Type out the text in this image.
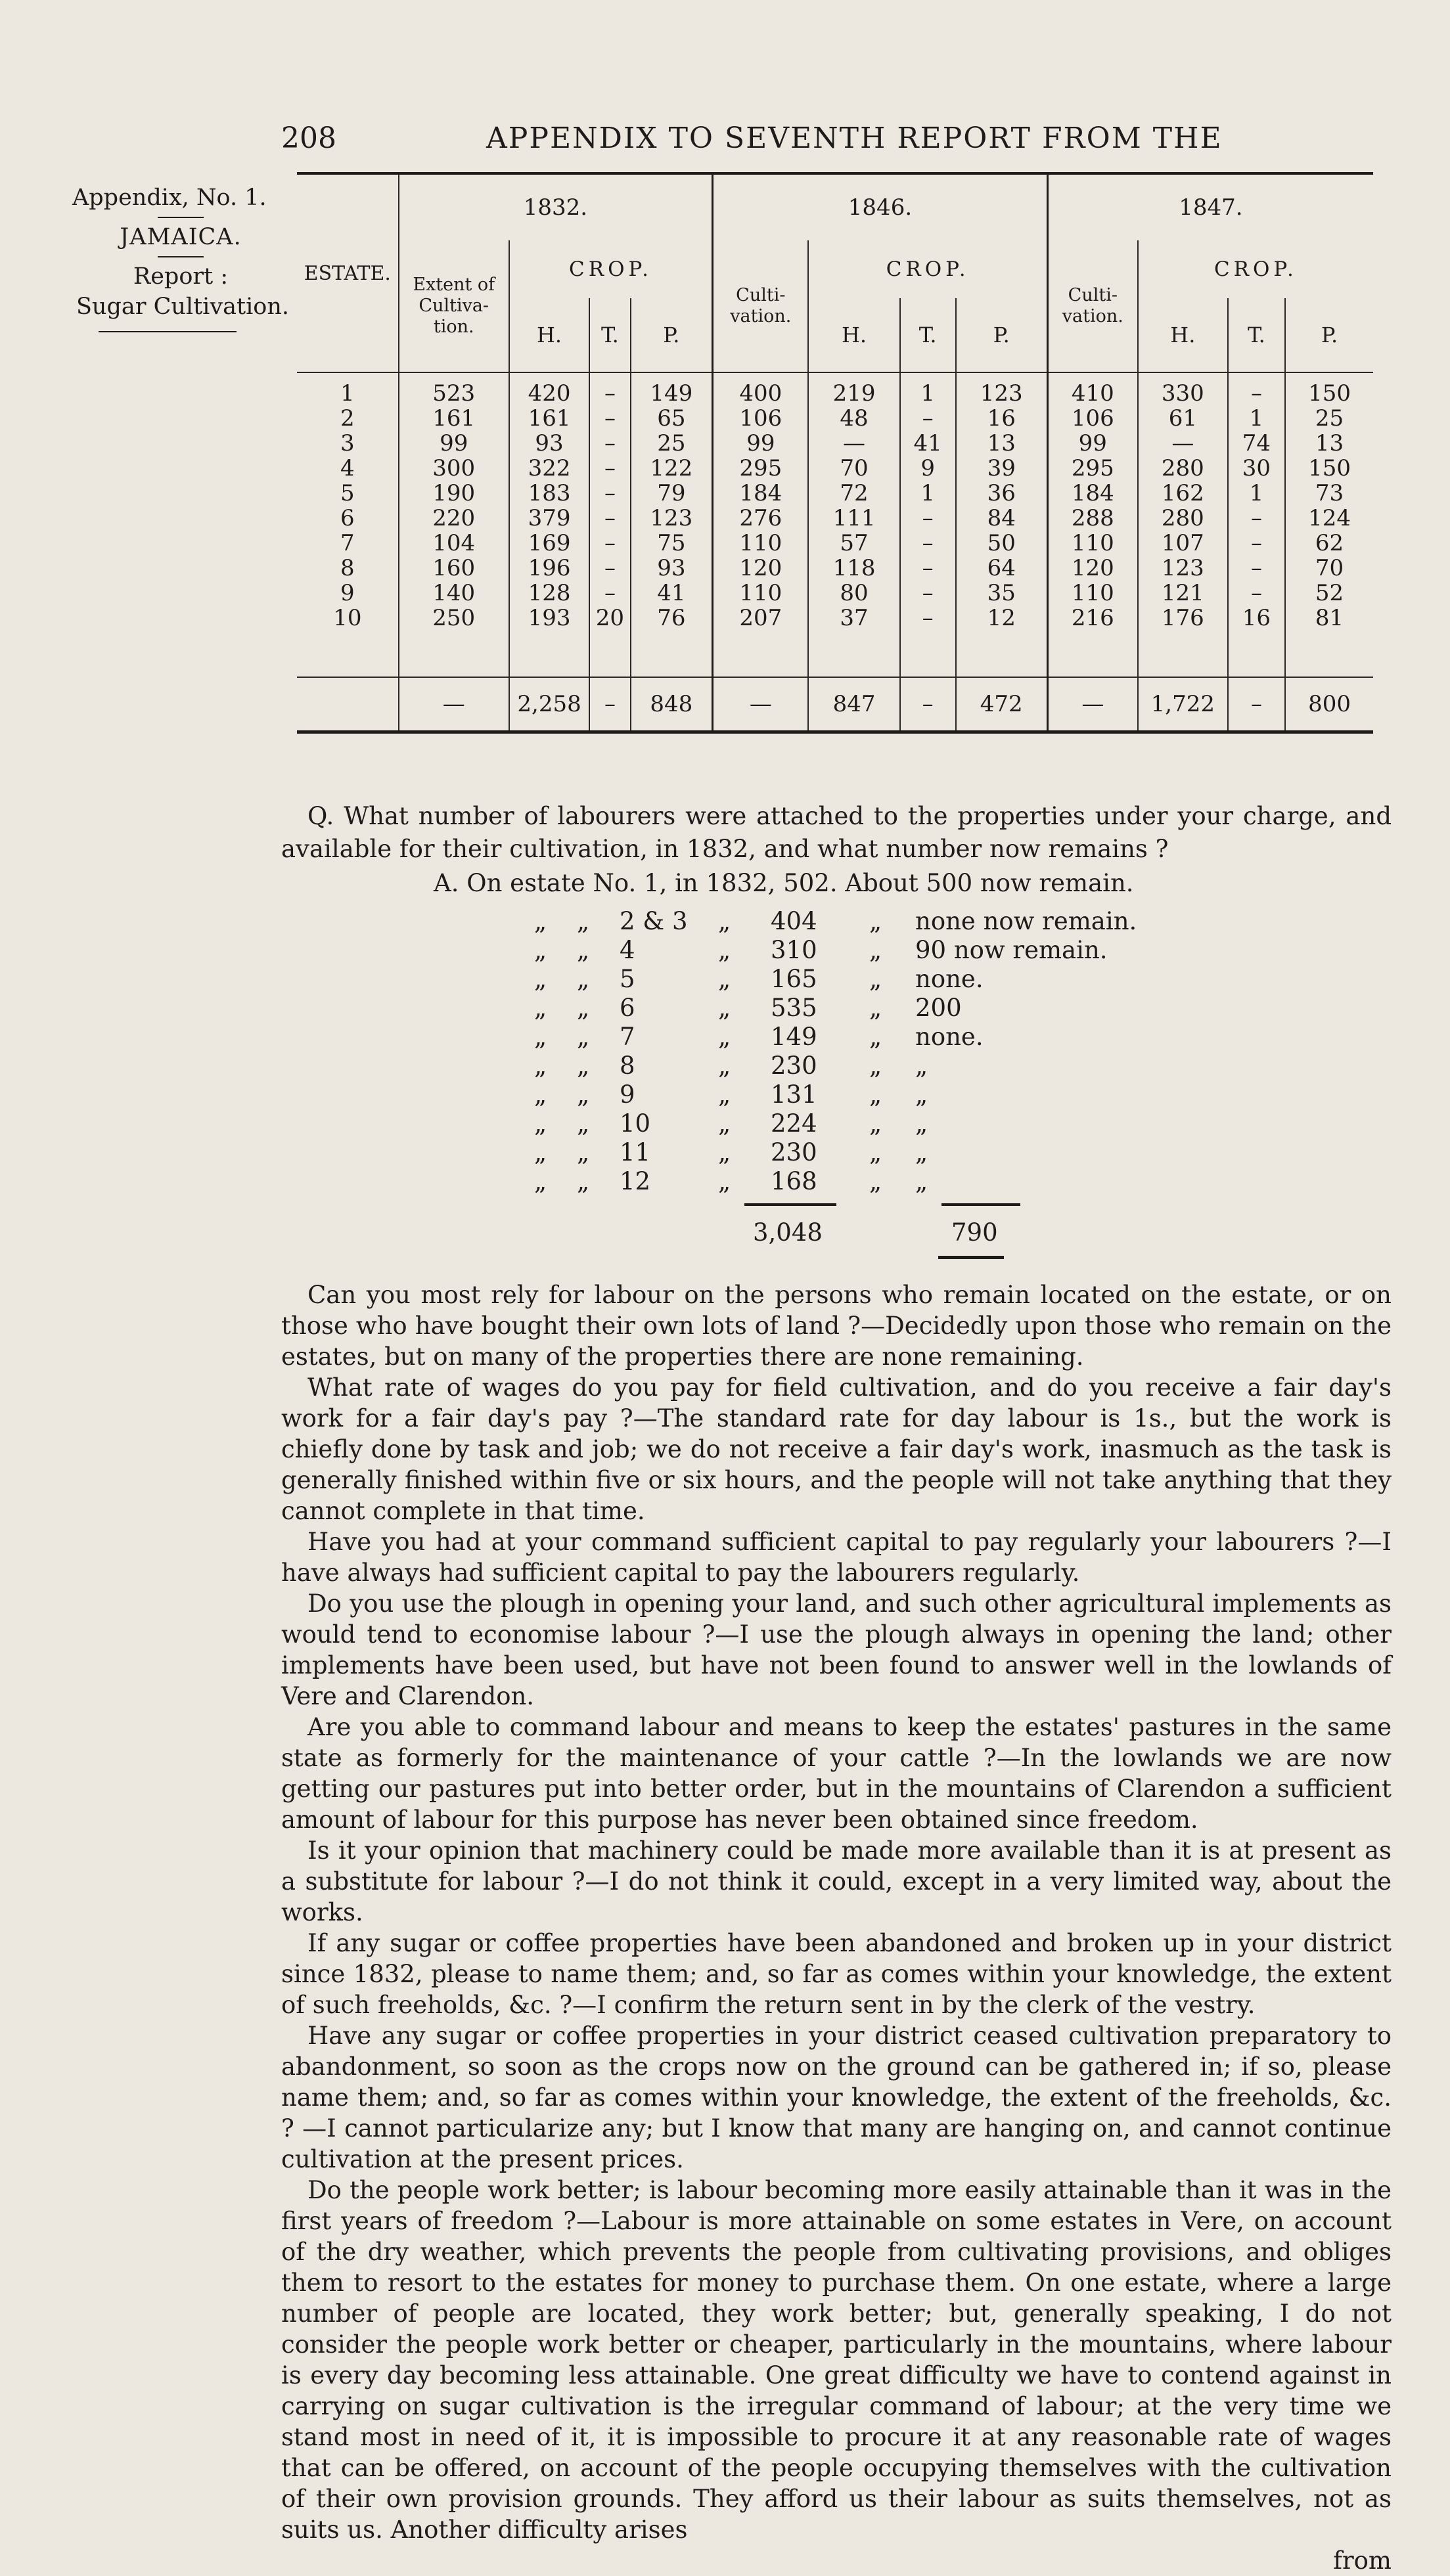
208	APPENDIX TO SEVENTH REPORT FROM THE
Appendix, No. 1.
JAMAICA.
Report :
Sugar Cultivation.
ESTATE.	1832.				1846.				1847.			
	Extent of Cultiva- tion.	CROP.			Culti- vation.	CROP.			Culti- vation.	CROP.		
		H.	T.	P.		H.	T.	P.		H.	T.	P.
1	523	420	–	149	400	219	1	123	410	330	–	150
2	161	161	–	65	106	48	–	16	106	61	1	25
3	99	93	–	25	99	—	41	13	99	—	74	13
4	300	322	–	122	295	70	9	39	295	280	30	150
5	190	183	–	79	184	72	1	36	184	162	1	73
6	220	379	–	123	276	111	–	84	288	280	–	124
7	104	169	–	75	110	57	–	50	110	107	–	62
8	160	196	–	93	120	118	–	64	120	123	–	70
9	140	128	–	41	110	80	–	35	110	121	–	52
10	250	193	20	76	207	37	–	12	216	176	16	81

	—	2,258	–	848	—	847	–	472	—	1,722	–	800

Q. What number of labourers were attached to the properties under your charge, and available for their cultivation, in 1832, and what number now remains ?

A. On estate No. 1, in 1832, 502. About 500 now remain.
„ „ 2 & 3 „ 404 „ none now remain.
„ „ 4	„ 310 „ 90 now remain.
„ „ 5	„ 165 „ none.
„ „ 6	„ 535 „ 200
„ „ 7	„ 149 „ none.
„ „ 8	„ 230 „ „
„ „ 9	„ 131 „ „
„ „ 10	„ 224 „ „
„ „ 11	„ 230 „ „
„ „ 12	„ 168 „ „
3,048	790

Can you most rely for labour on the persons who remain located on the estate, or on those who have bought their own lots of land ?—Decidedly upon those who remain on the estates, but on many of the properties there are none remaining.

What rate of wages do you pay for field cultivation, and do you receive a fair day's work for a fair day's pay ?—The standard rate for day labour is 1s., but the work is chiefly done by task and job; we do not receive a fair day's work, inasmuch as the task is generally finished within five or six hours, and the people will not take anything that they cannot complete in that time.

Have you had at your command sufficient capital to pay regularly your labourers ?—I have always had sufficient capital to pay the labourers regularly.

Do you use the plough in opening your land, and such other agricultural implements as would tend to economise labour ?—I use the plough always in opening the land; other implements have been used, but have not been found to answer well in the lowlands of Vere and Clarendon.

Are you able to command labour and means to keep the estates' pastures in the same state as formerly for the maintenance of your cattle ?—In the lowlands we are now getting our pastures put into better order, but in the mountains of Clarendon a sufficient amount of labour for this purpose has never been obtained since freedom.

Is it your opinion that machinery could be made more available than it is at present as a substitute for labour ?—I do not think it could, except in a very limited way, about the works.

If any sugar or coffee properties have been abandoned and broken up in your district since 1832, please to name them; and, so far as comes within your knowledge, the extent of such freeholds, &c. ?—I confirm the return sent in by the clerk of the vestry.

Have any sugar or coffee properties in your district ceased cultivation preparatory to abandonment, so soon as the crops now on the ground can be gathered in; if so, please name them; and, so far as comes within your knowledge, the extent of the freeholds, &c. ? —I cannot particularize any; but I know that many are hanging on, and cannot continue cultivation at the present prices.

Do the people work better; is labour becoming more easily attainable than it was in the first years of freedom ?—Labour is more attainable on some estates in Vere, on account of the dry weather, which prevents the people from cultivating provisions, and obliges them to resort to the estates for money to purchase them. On one estate, where a large number of people are located, they work better; but, generally speaking, I do not consider the people work better or cheaper, particularly in the mountains, where labour is every day becoming less attainable. One great difficulty we have to contend against in carrying on sugar cultivation is the irregular command of labour; at the very time we stand most in need of it, it is impossible to procure it at any reasonable rate of wages that can be offered, on account of the people occupying themselves with the cultivation of their own provision grounds. They afford us their labour as suits themselves, not as suits us. Another difficulty arises

from
